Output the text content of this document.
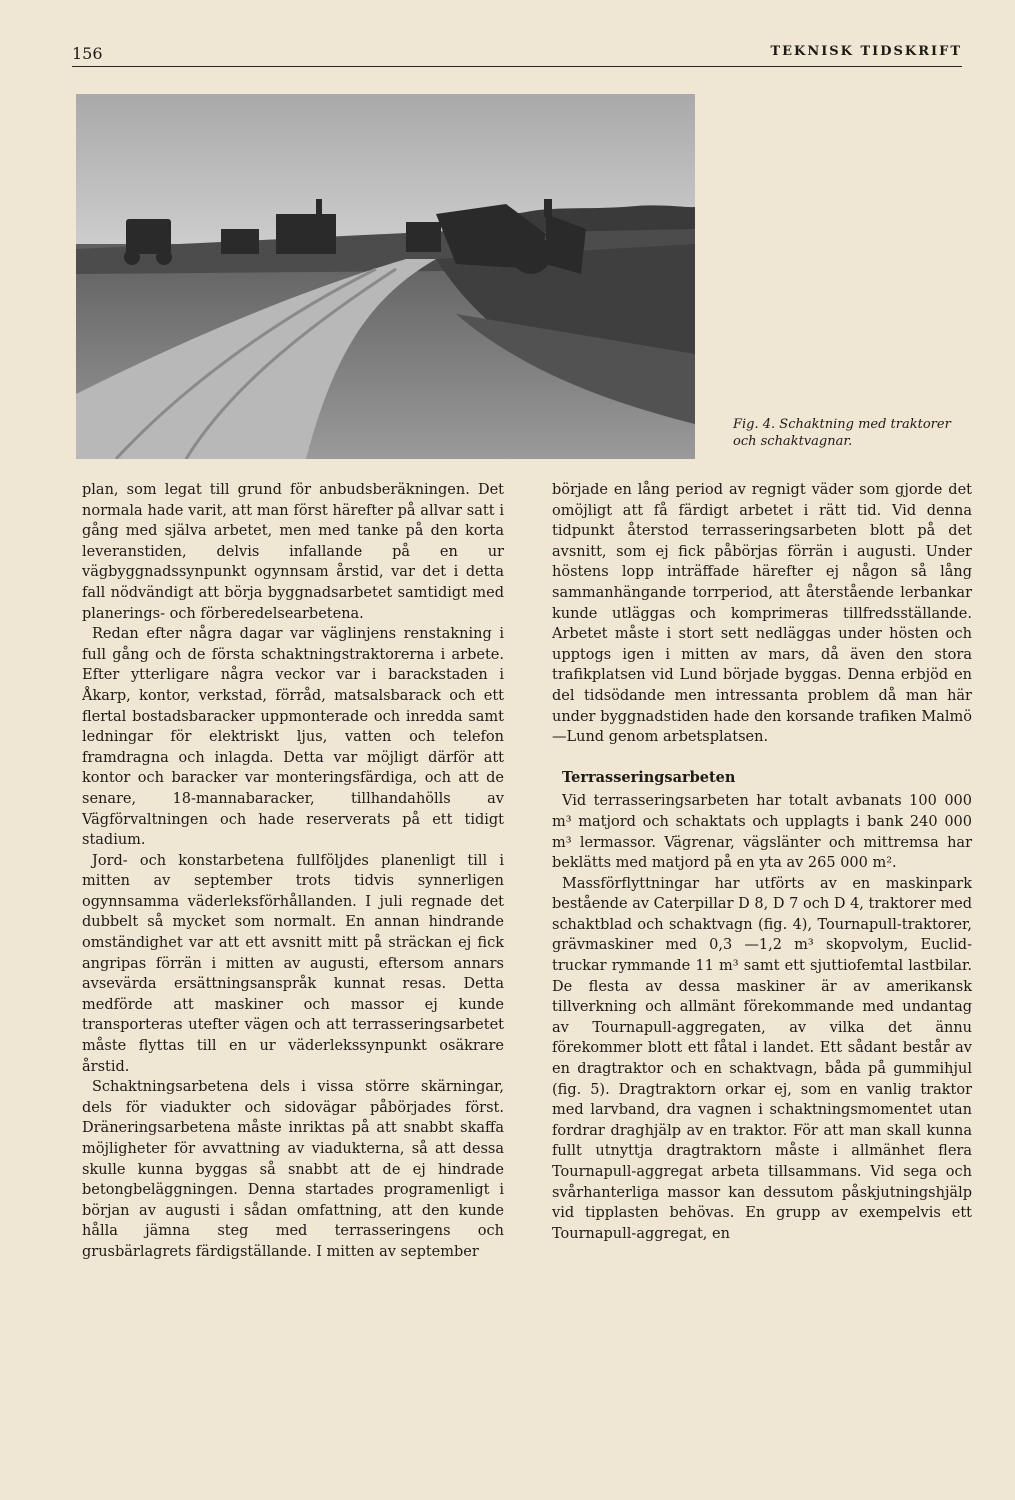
156	TEKNISK TIDSKRIFT
Fig. 4. Schaktning med traktorer
och schaktvagnar.

plan, som legat till grund för anbudsberäkningen. Det normala hade varit, att man först härefter på allvar satt i gång med själva arbetet, men med tanke på den korta leveranstiden, delvis infallande på en ur vägbyggnadssynpunkt ogynnsam årstid, var det i detta fall nödvändigt att börja byggnadsarbetet samtidigt med planerings- och förberedelsearbetena.

Redan efter några dagar var väglinjens renstakning i full gång och de första schaktningstraktorerna i arbete. Efter ytterligare några veckor var i barackstaden i Åkarp, kontor, verkstad, förråd, matsalsbarack och ett flertal bostadsbaracker uppmonterade och inredda samt ledningar för elektriskt ljus, vatten och telefon framdragna och inlagda. Detta var möjligt därför att kontor och baracker var monteringsfärdiga, och att de senare, 18-mannabaracker, tillhandahölls av Vägförvaltningen och hade reserverats på ett tidigt stadium.

Jord- och konstarbetena fullföljdes planenligt till i mitten av september trots tidvis synnerligen ogynnsamma väderleksförhållanden. I juli regnade det dubbelt så mycket som normalt. En annan hindrande omständighet var att ett avsnitt mitt på sträckan ej fick angripas förrän i mitten av augusti, eftersom annars avsevärda ersättningsanspråk kunnat resas. Detta medförde att maskiner och massor ej kunde transporteras utefter vägen och att terrasseringsarbetet måste flyttas till en ur väderlekssynpunkt osäkrare årstid.

Schaktningsarbetena dels i vissa större skärningar, dels för viadukter och sidovägar påbörjades först. Dräneringsarbetena måste inriktas på att snabbt skaffa möjligheter för avvattning av viadukterna, så att dessa skulle kunna byggas så snabbt att de ej hindrade betongbeläggningen. Denna startades programenligt i början av augusti i sådan omfattning, att den kunde hålla jämna steg med terrasseringens och grusbärlagrets färdigställande. I mitten av september

började en lång period av regnigt väder som gjorde det omöjligt att få färdigt arbetet i rätt tid. Vid denna tidpunkt återstod terrasseringsarbeten blott på det avsnitt, som ej fick påbörjas förrän i augusti. Under höstens lopp inträffade härefter ej någon så lång sammanhängande torrperiod, att återstående lerbankar kunde utläggas och komprimeras tillfredsställande. Arbetet måste i stort sett nedläggas under hösten och upptogs igen i mitten av mars, då även den stora trafikplatsen vid Lund började byggas. Denna erbjöd en del tidsödande men intressanta problem då man här under byggnadstiden hade den korsande trafiken Malmö—Lund genom arbetsplatsen.

Terrasseringsarbeten

Vid terrasseringsarbeten har totalt avbanats 100 000 m³ matjord och schaktats och upplagts i bank 240 000 m³ lermassor. Vägrenar, vägslänter och mittremsa har beklätts med matjord på en yta av 265 000 m².

Massförflyttningar har utförts av en maskinpark bestående av Caterpillar D 8, D 7 och D 4, traktorer med schaktblad och schaktvagn (fig. 4), Tournapull-traktorer, grävmaskiner med 0,3 —1,2 m³ skopvolym, Euclid-truckar rymmande 11 m³ samt ett sjuttiofemtal lastbilar. De flesta av dessa maskiner är av amerikansk tillverkning och allmänt förekommande med undantag av Tournapull-aggregaten, av vilka det ännu förekommer blott ett fåtal i landet. Ett sådant består av en dragtraktor och en schaktvagn, båda på gummihjul (fig. 5). Dragtraktorn orkar ej, som en vanlig traktor med larvband, dra vagnen i schaktningsmomentet utan fordrar draghjälp av en traktor. För att man skall kunna fullt utnyttja dragtraktorn måste i allmänhet flera Tournapull-aggregat arbeta tillsammans. Vid sega och svårhanterliga massor kan dessutom påskjutningshjälp vid tipplasten behövas. En grupp av exempelvis ett Tournapull-aggregat, en
